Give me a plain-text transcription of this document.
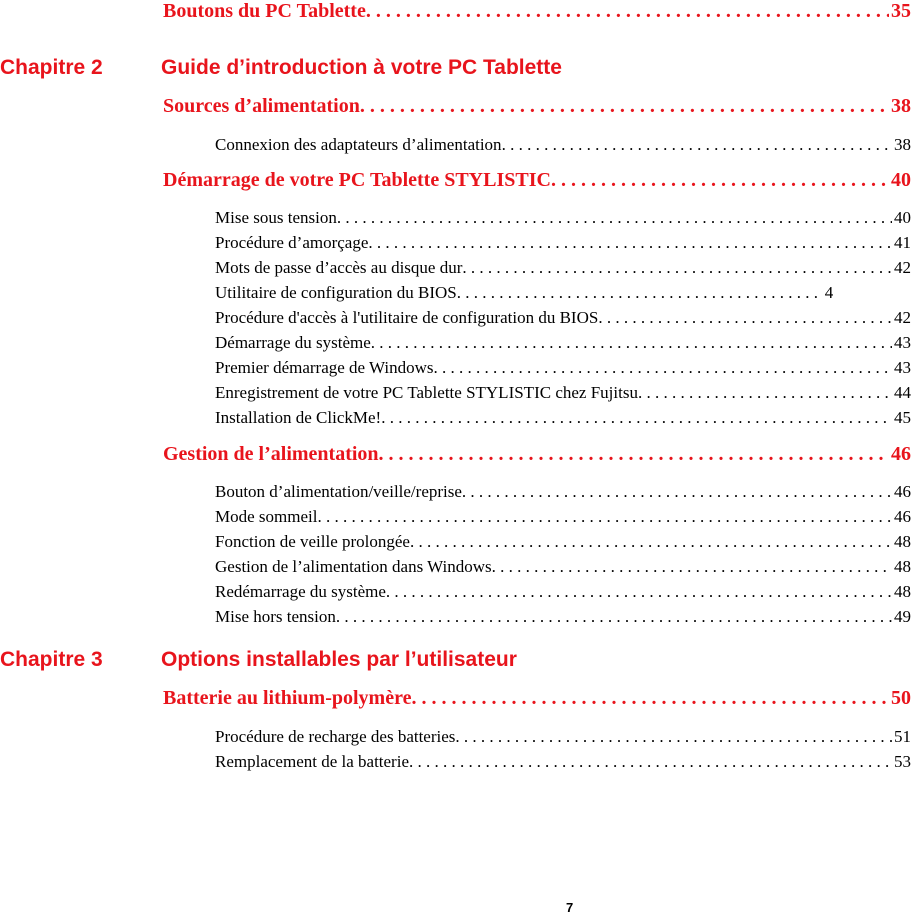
Boutons du PC Tablette . . .	35
Chapitre 2	Guide d’introduction à votre PC Tablette
Sources d’alimentation . . .	38
Connexion des adaptateurs d’alimentation . . .	38
Démarrage de votre PC Tablette STYLISTIC . . .	40
Mise sous tension . . .	40
Procédure d’amorçage . . .	41
Mots de passe d’accès au disque dur . . .	42
Utilitaire de configuration du BIOS . . .	4
Procédure d'accès à l'utilitaire de configuration du BIOS . . .	42
Démarrage du système . . .	43
Premier démarrage de Windows . . .	43
Enregistrement de votre PC Tablette STYLISTIC chez Fujitsu . . .	44
Installation de ClickMe! . . .	45
Gestion de l’alimentation . . .	46
Bouton d’alimentation/veille/reprise . . .	46
Mode sommeil . . .	46
Fonction de veille prolongée . . .	48
Gestion de l’alimentation dans Windows . . .	48
Redémarrage du système . . .	48
Mise hors tension . . .	49
Chapitre 3	Options installables par l’utilisateur
Batterie au lithium-polymère . . .	50
Procédure de recharge des batteries . . .	51
Remplacement de la batterie . . .	53
7
